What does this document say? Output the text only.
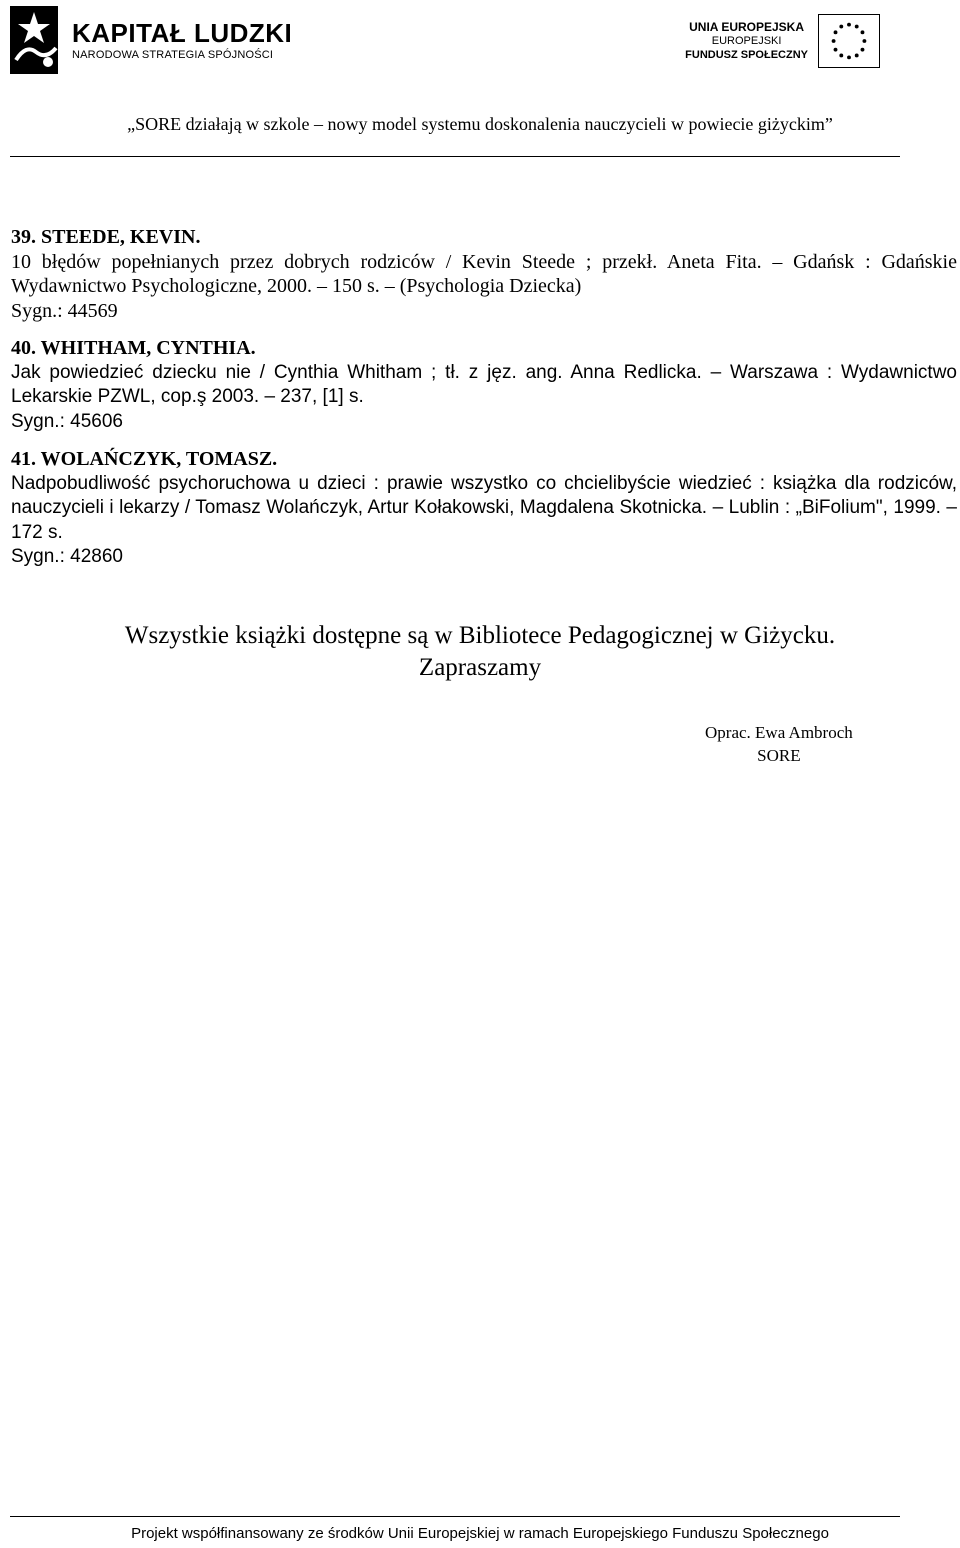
KAPITAŁ LUDZKI
NARODOWA STRATEGIA SPÓJNOŚCI
UNIA EUROPEJSKA
EUROPEJSKI
FUNDUSZ SPOŁECZNY
„SORE działają w szkole – nowy model systemu doskonalenia nauczycieli w powiecie giżyckim”
39. STEEDE, KEVIN.
10 błędów popełnianych przez dobrych rodziców / Kevin Steede ; przekł. Aneta Fita. – Gdańsk : Gdańskie Wydawnictwo Psychologiczne, 2000. – 150 s. – (Psychologia Dziecka)
Sygn.: 44569
40. WHITHAM, CYNTHIA.
Jak powiedzieć dziecku nie / Cynthia Whitham ; tł. z jęz. ang. Anna Redlicka. – Warszawa : Wydawnictwo Lekarskie PZWL, cop.ş 2003. – 237, [1] s.
Sygn.: 45606
41. WOLAŃCZYK, TOMASZ.
Nadpobudliwość psychoruchowa u dzieci : prawie wszystko co chcielibyście wiedzieć : książka dla rodziców, nauczycieli i lekarzy / Tomasz Wolańczyk, Artur Kołakowski, Magdalena Skotnicka. – Lublin : „BiFolium", 1999. – 172 s.
Sygn.: 42860
Wszystkie książki dostępne są w Bibliotece Pedagogicznej w Giżycku.
Zapraszamy
Oprac. Ewa Ambroch
SORE
Projekt współfinansowany ze środków Unii Europejskiej w ramach Europejskiego Funduszu Społecznego
